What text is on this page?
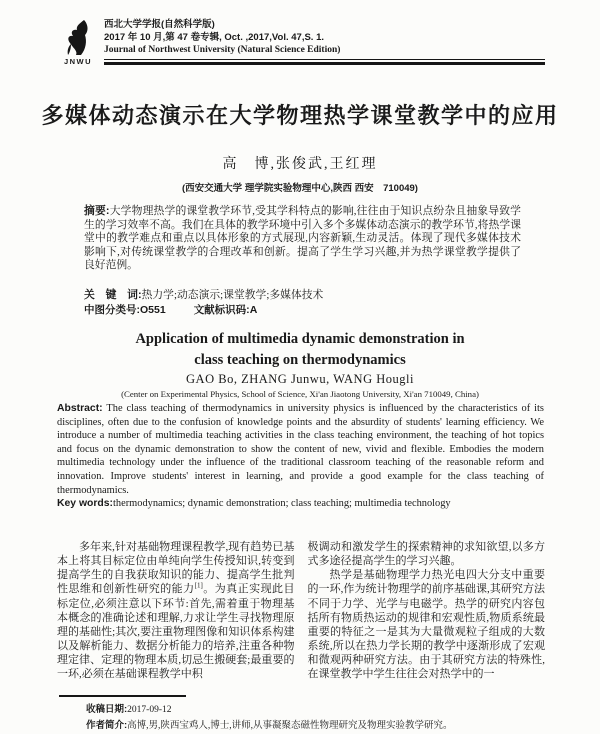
JNWU
西北大学学报(自然科学版)
2017 年 10 月,第 47 卷专辑, Oct. ,2017,Vol. 47,S. 1.
Journal of Northwest University (Natural Science Edition)
多媒体动态演示在大学物理热学课堂教学中的应用
高　博,张俊武,王红理
(西安交通大学 理学院实验物理中心,陕西 西安　710049)
摘要:大学物理热学的课堂教学环节,受其学科特点的影响,往往由于知识点纷杂且抽象导致学生的学习效率不高。我们在具体的教学环境中引入多个多媒体动态演示的教学环节,将热学课堂中的教学难点和重点以具体形象的方式展现,内容新颖,生动灵活。体现了现代多媒体技术影响下,对传统课堂教学的合理改革和创新。提高了学生学习兴趣,并为热学课堂教学提供了良好范例。
关　键　词:热力学;动态演示;课堂教学;多媒体技术
中图分类号:O551	文献标识码:A
Application of multimedia dynamic demonstration in
class teaching on thermodynamics
GAO Bo, ZHANG Junwu, WANG Hougli
(Center on Experimental Physics, School of Science, Xi'an Jiaotong University, Xi'an 710049, China)

Abstract: The class teaching of thermodynamics in university physics is influenced by the characteristics of its disciplines, often due to the confusion of knowledge points and the absurdity of students' learning efficiency. We introduce a number of multimedia teaching activities in the class teaching environment, the teaching of hot topics and focus on the dynamic demonstration to show the content of new, vivid and flexible. Embodies the modern multimedia technology under the influence of the traditional classroom teaching of the reasonable reform and innovation. Improve students' interest in learning, and provide a good example for the class teaching of thermodynamics.

Key words:thermodynamics; dynamic demonstration; class teaching; multimedia technology

多年来,针对基础物理课程教学,现有趋势已基本上将其目标定位由单纯向学生传授知识,转变到提高学生的自我获取知识的能力、提高学生批判性思维和创新性研究的能力[1]。为真正实现此目标定位,必须注意以下环节:首先,需着重于物理基本概念的准确论述和理解,力求让学生寻找物理原理的基础性;其次,要注重物理图像和知识体系构建以及解析能力、数据分析能力的培养,注重各种物理定律、定理的物理本质,切忌生搬硬套;最重要的一环,必须在基础课程教学中积

极调动和激发学生的探索精神的求知欲望,以多方式多途径提高学生的学习兴趣。

热学是基础物理学力热光电四大分支中重要的一环,作为统计物理学的前序基础课,其研究方法不同于力学、光学与电磁学。热学的研究内容包括所有物质热运动的规律和宏观性质,物质系统最重要的特征之一是其为大量微观粒子组成的大数系统,所以在热力学长期的教学中逐渐形成了宏观和微观两种研究方法。由于其研究方法的特殊性,在课堂教学中学生往往会对热学中的一

收稿日期:2017-09-12
作者简介:高博,男,陕西宝鸡人,博士,讲师,从事凝聚态磁性物理研究及物理实验教学研究。
